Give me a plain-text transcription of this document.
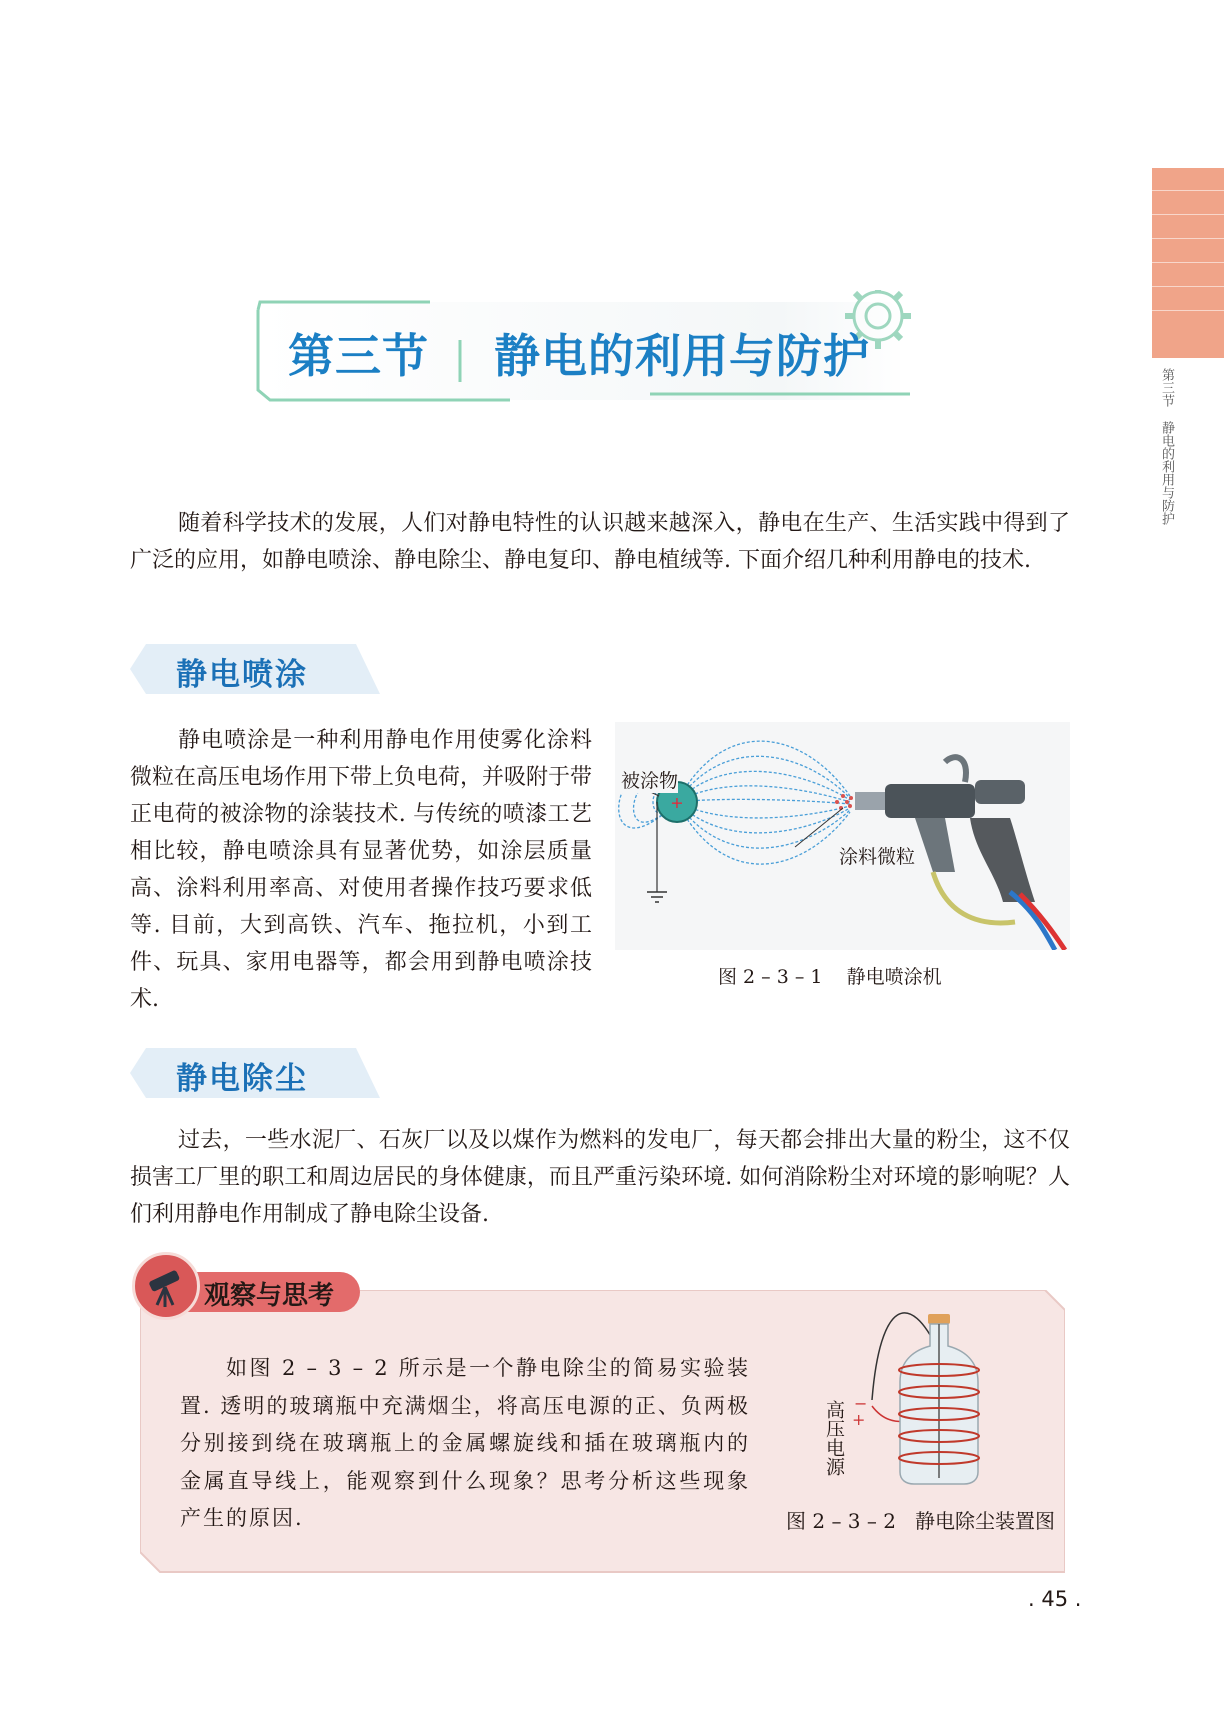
第三节静电的利用与防护
第三节 静电的利用与防护

随着科学技术的发展，人们对静电特性的认识越来越深入，静电在生产、生活实践中得到了广泛的应用，如静电喷涂、静电除尘、静电复印、静电植绒等. 下面介绍几种利用静电的技术.

静电喷涂

静电喷涂是一种利用静电作用使雾化涂料微粒在高压电场作用下带上负电荷，并吸附于带正电荷的被涂物的涂装技术. 与传统的喷漆工艺相比较，静电喷涂具有显著优势，如涂层质量高、涂料利用率高、对使用者操作技巧要求低等. 目前，大到高铁、汽车、拖拉机，小到工件、玩具、家用电器等，都会用到静电喷涂技术.

+
被涂物
涂料微粒
图 2 – 3 – 1 静电喷涂机
静电除尘

过去，一些水泥厂、石灰厂以及以煤作为燃料的发电厂，每天都会排出大量的粉尘，这不仅损害工厂里的职工和周边居民的身体健康，而且严重污染环境. 如何消除粉尘对环境的影响呢？人们利用静电作用制成了静电除尘设备.

观察与思考

如图 2 – 3 – 2 所示是一个静电除尘的简易实验装置. 透明的玻璃瓶中充满烟尘，将高压电源的正、负两极分别接到绕在玻璃瓶上的金属螺旋线和插在玻璃瓶内的金属直导线上，能观察到什么现象？思考分析这些现象产生的原因.

−
+
高压电源
图 2 – 3 – 2 静电除尘装置图
. 45 .
